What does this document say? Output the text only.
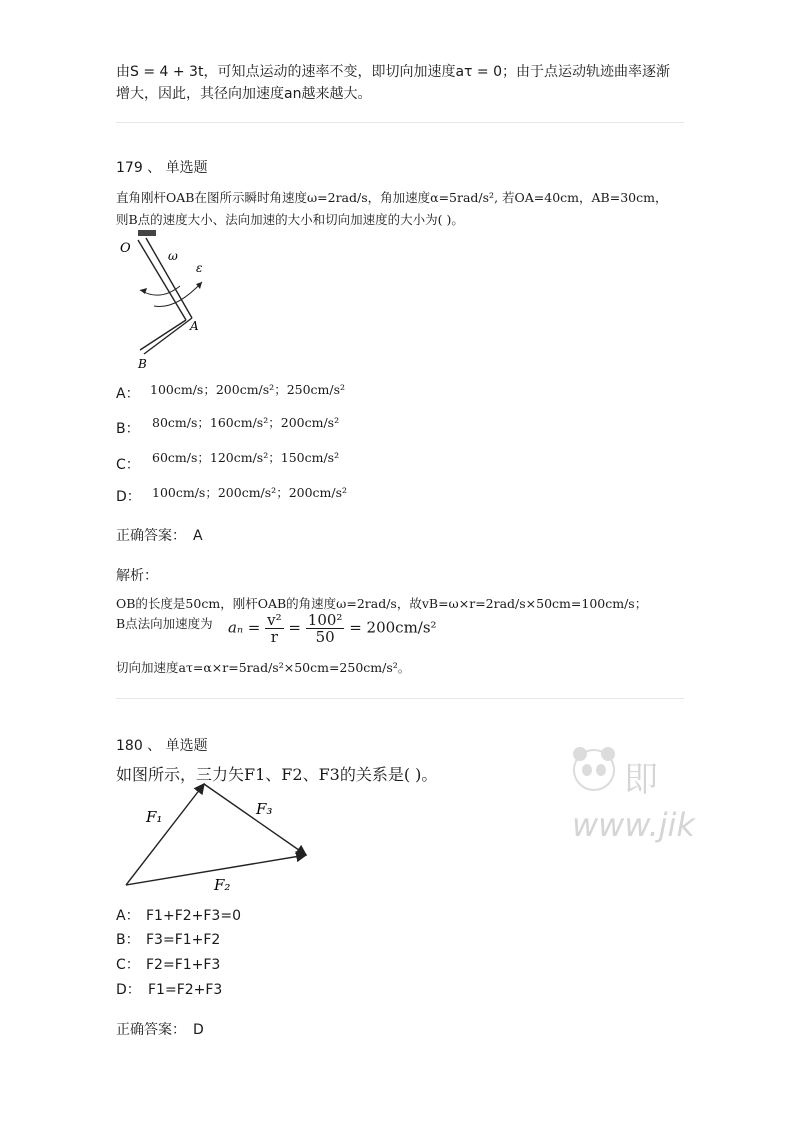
由S = 4 + 3t，可知点运动的速率不变，即切向加速度aτ = 0；由于点运动轨迹曲率逐渐
增大，因此，其径向加速度an越来越大。
179 、 单选题
直角刚杆OAB在图所示瞬时角速度ω=2rad/s，角加速度α=5rad/s², 若OA=40cm，AB=30cm，
则B点的速度大小、法向加速的大小和切向加速度的大小为( )。
O	ω
ε
A
B
A： 100cm/s；200cm/s²；250cm/s²
B： 80cm/s；160cm/s²；200cm/s²
C： 60cm/s；120cm/s²；150cm/s²
D： 100cm/s；200cm/s²；200cm/s²
正确答案： A
解析：
OB的长度是50cm，刚杆OAB的角速度ω=2rad/s，故vB=ω×r=2rad/s×50cm=100cm/s；
B点法向加速度为 $a_n = \frac{\text{v²}}{r} = \frac{\text{100²}}{50} = 200cm/s^2$
切向加速度aτ=α×r=5rad/s²×50cm=250cm/s²。
180 、 单选题
如图所示，三力矢F1、F2、F3的关系是( )。
F₁	F₃
F₂
即
www.jik
A： F1+F2+F3=0
B： F3=F1+F2
C： F2=F1+F3
D： F1=F2+F3
正确答案： D
